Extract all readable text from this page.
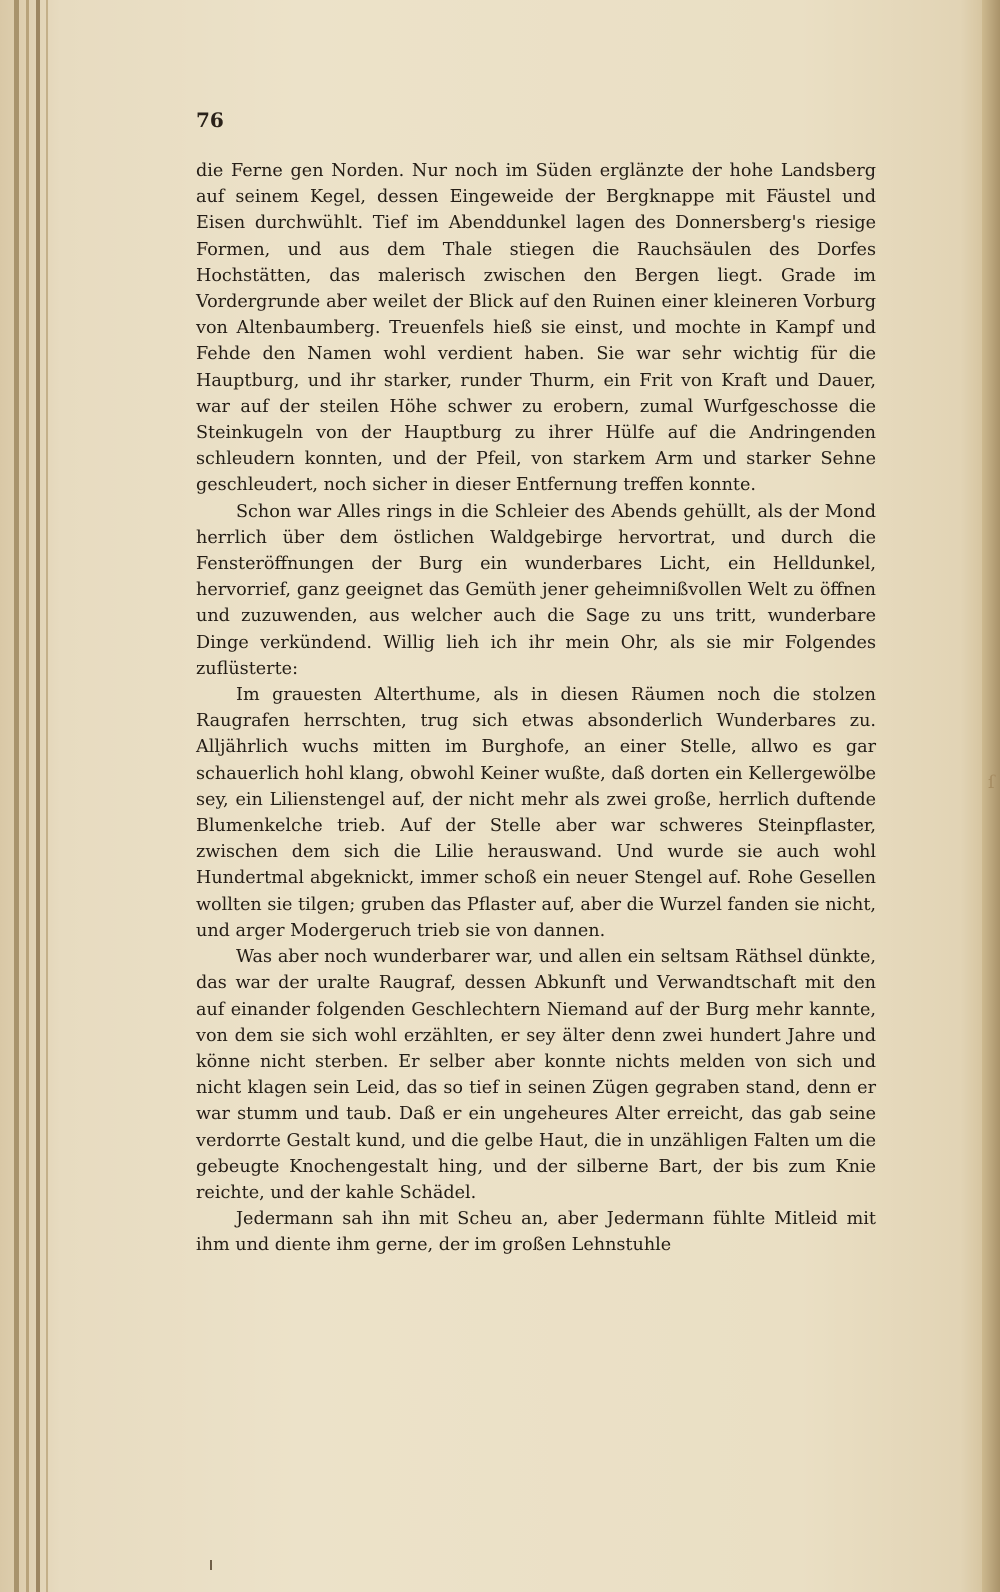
76

die Ferne gen Norden. Nur noch im Süden erglänzte der hohe Landsberg auf seinem Kegel, dessen Eingeweide der Bergknappe mit Fäustel und Eisen durchwühlt. Tief im Abenddunkel lagen des Donnersberg's riesige Formen, und aus dem Thale stiegen die Rauchsäulen des Dorfes Hochstätten, das malerisch zwischen den Bergen liegt. Grade im Vordergrunde aber weilet der Blick auf den Ruinen einer kleineren Vorburg von Altenbaumberg. Treuenfels hieß sie einst, und mochte in Kampf und Fehde den Namen wohl verdient haben. Sie war sehr wichtig für die Hauptburg, und ihr starker, runder Thurm, ein Frit von Kraft und Dauer, war auf der steilen Höhe schwer zu erobern, zumal Wurfgeschosse die Steinkugeln von der Hauptburg zu ihrer Hülfe auf die Andringenden schleudern konnten, und der Pfeil, von starkem Arm und starker Sehne geschleudert, noch sicher in dieser Entfernung treffen konnte.

Schon war Alles rings in die Schleier des Abends gehüllt, als der Mond herrlich über dem östlichen Waldgebirge hervortrat, und durch die Fensteröffnungen der Burg ein wunderbares Licht, ein Helldunkel, hervorrief, ganz geeignet das Gemüth jener geheimnißvollen Welt zu öffnen und zuzuwenden, aus welcher auch die Sage zu uns tritt, wunderbare Dinge verkündend. Willig lieh ich ihr mein Ohr, als sie mir Folgendes zuflüsterte:

Im grauesten Alterthume, als in diesen Räumen noch die stolzen Raugrafen herrschten, trug sich etwas absonderlich Wunderbares zu. Alljährlich wuchs mitten im Burghofe, an einer Stelle, allwo es gar schauerlich hohl klang, obwohl Keiner wußte, daß dorten ein Kellergewölbe sey, ein Lilienstengel auf, der nicht mehr als zwei große, herrlich duftende Blumenkelche trieb. Auf der Stelle aber war schweres Steinpflaster, zwischen dem sich die Lilie herauswand. Und wurde sie auch wohl Hundertmal abgeknickt, immer schoß ein neuer Stengel auf. Rohe Gesellen wollten sie tilgen; gruben das Pflaster auf, aber die Wurzel fanden sie nicht, und arger Modergeruch trieb sie von dannen.

Was aber noch wunderbarer war, und allen ein seltsam Räthsel dünkte, das war der uralte Raugraf, dessen Abkunft und Verwandtschaft mit den auf einander folgenden Geschlechtern Niemand auf der Burg mehr kannte, von dem sie sich wohl erzählten, er sey älter denn zwei hundert Jahre und könne nicht sterben. Er selber aber konnte nichts melden von sich und nicht klagen sein Leid, das so tief in seinen Zügen gegraben stand, denn er war stumm und taub. Daß er ein ungeheures Alter erreicht, das gab seine verdorrte Gestalt kund, und die gelbe Haut, die in unzähligen Falten um die gebeugte Knochengestalt hing, und der silberne Bart, der bis zum Knie reichte, und der kahle Schädel.

Jedermann sah ihn mit Scheu an, aber Jedermann fühlte Mitleid mit ihm und diente ihm gerne, der im großen Lehnstuhle

ſ
